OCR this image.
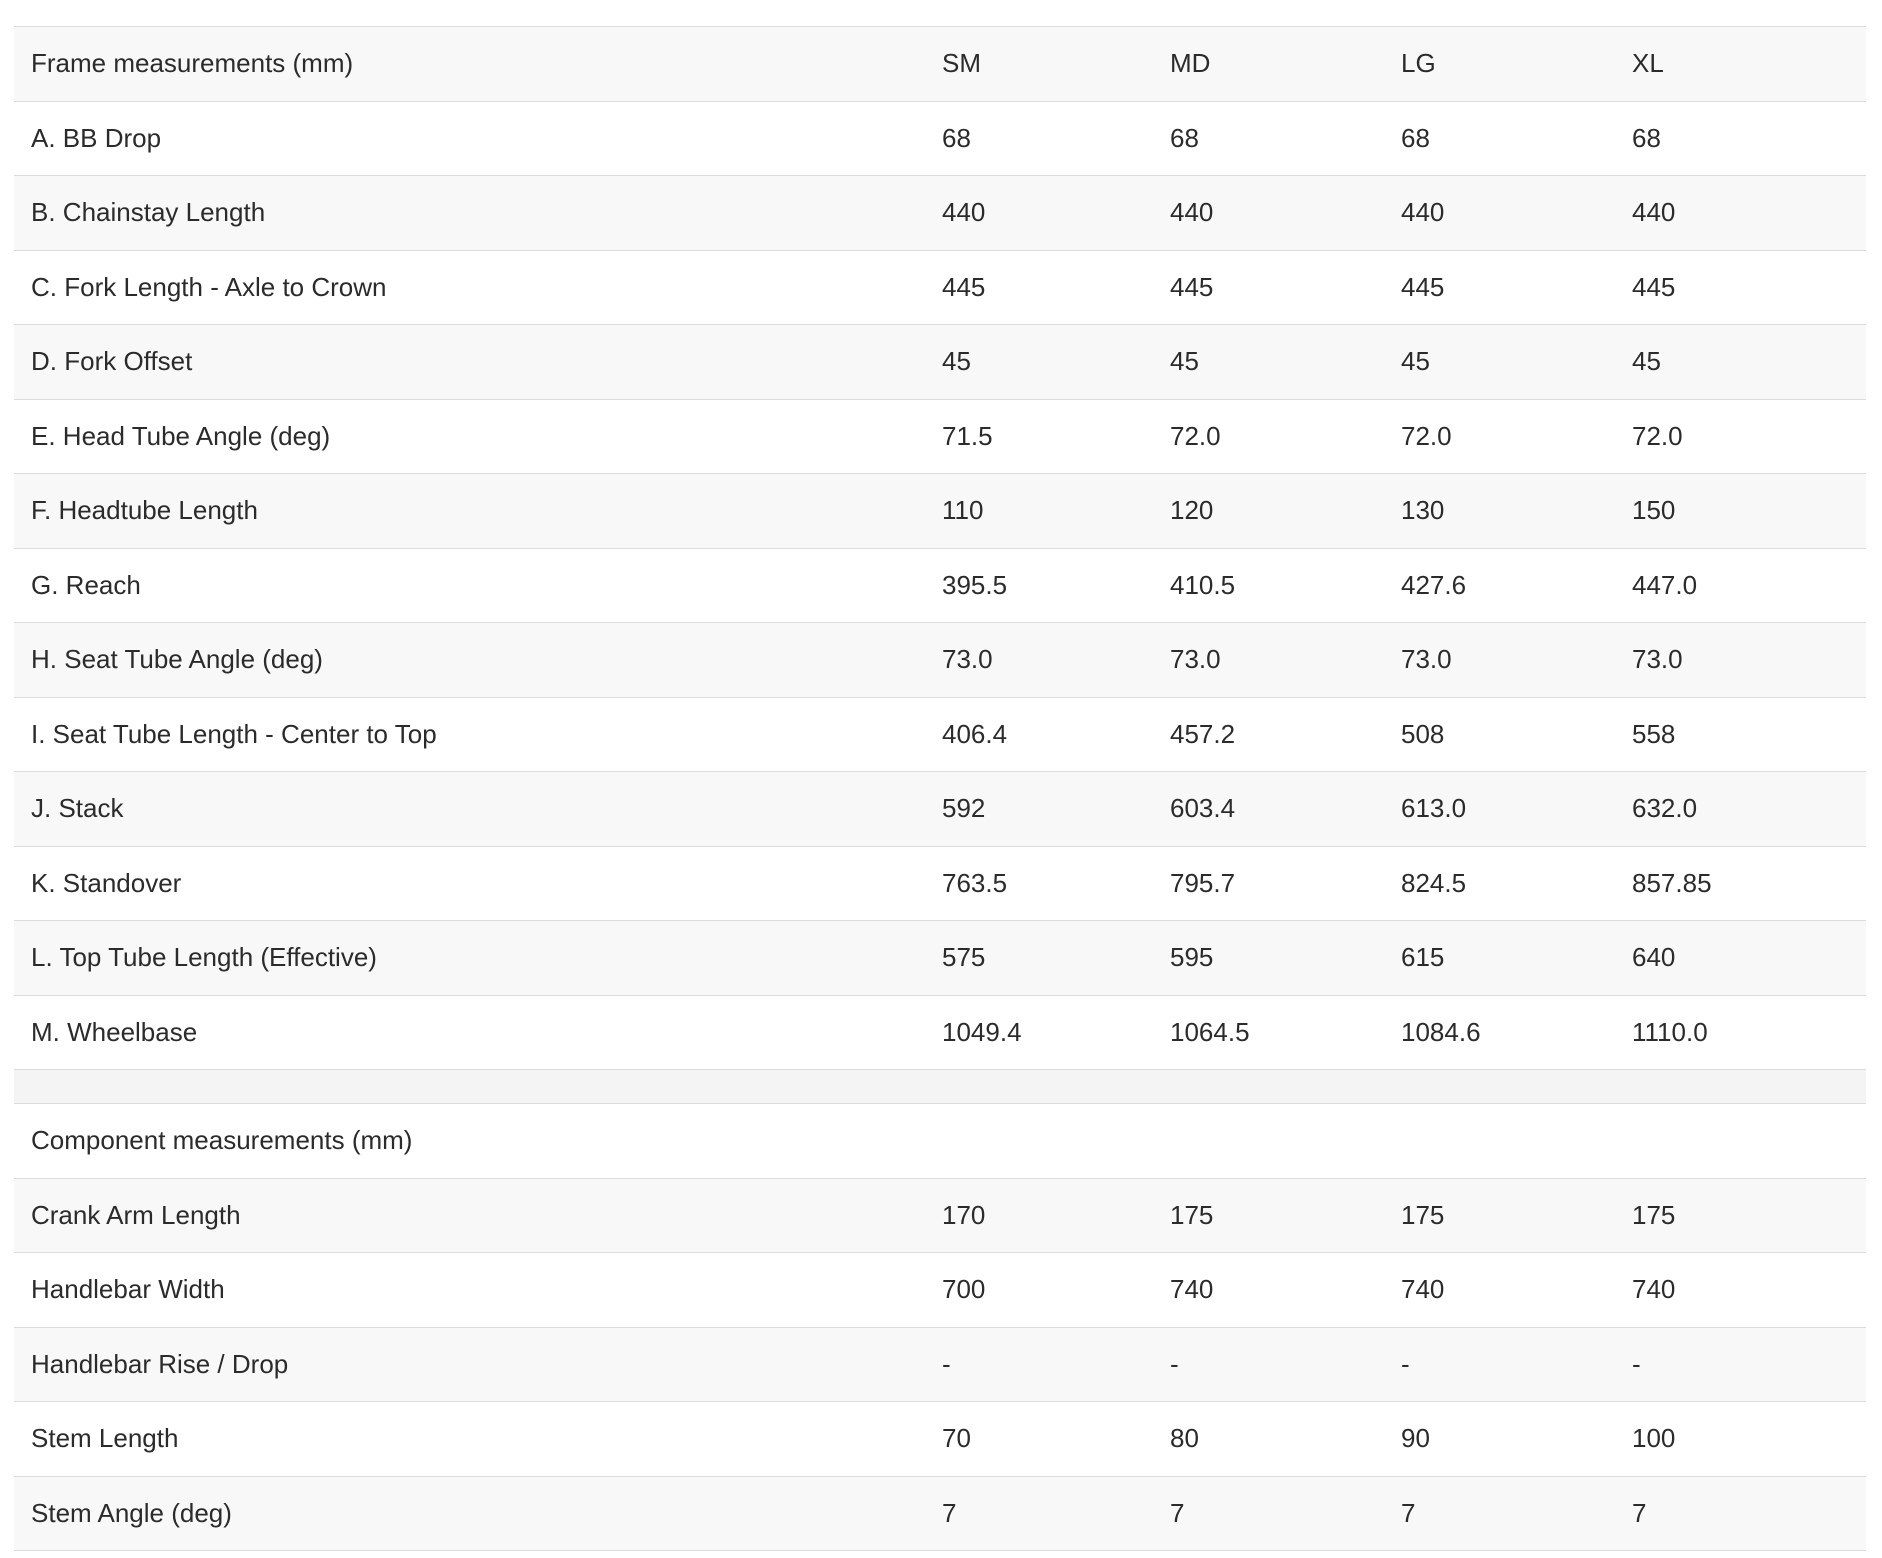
Frame measurements (mm)	SM	MD	LG	XL
A. BB Drop	68	68	68	68
B. Chainstay Length	440	440	440	440
C. Fork Length - Axle to Crown	445	445	445	445
D. Fork Offset	45	45	45	45
E. Head Tube Angle (deg)	71.5	72.0	72.0	72.0
F. Headtube Length	110	120	130	150
G. Reach	395.5	410.5	427.6	447.0
H. Seat Tube Angle (deg)	73.0	73.0	73.0	73.0
I. Seat Tube Length - Center to Top	406.4	457.2	508	558
J. Stack	592	603.4	613.0	632.0
K. Standover	763.5	795.7	824.5	857.85
L. Top Tube Length (Effective)	575	595	615	640
M. Wheelbase	1049.4	1064.5	1084.6	1110.0

Component measurements (mm)				
Crank Arm Length	170	175	175	175
Handlebar Width	700	740	740	740
Handlebar Rise / Drop	-	-	-	-
Stem Length	70	80	90	100
Stem Angle (deg)	7	7	7	7
